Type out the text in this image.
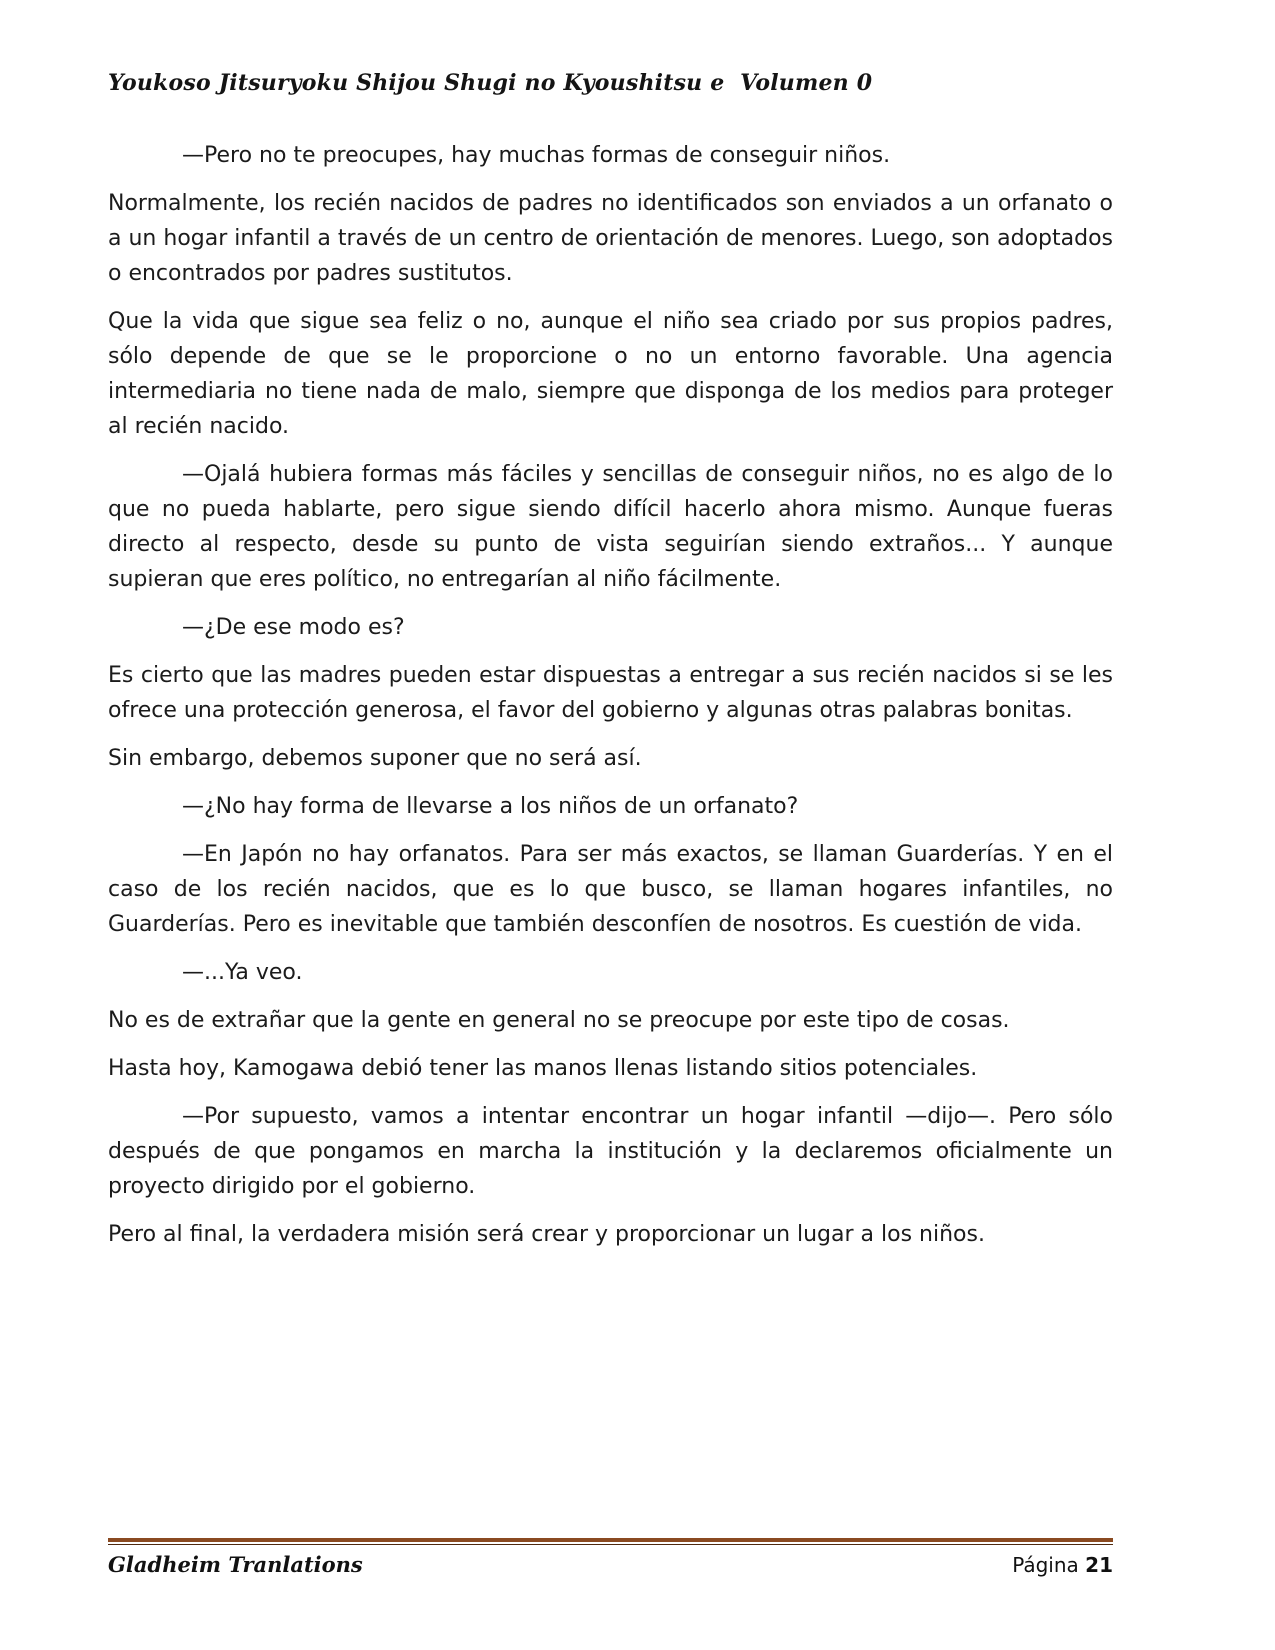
Youkoso Jitsuryoku Shijou Shugi no Kyoushitsu e  Volumen 0

—Pero no te preocupes, hay muchas formas de conseguir niños.

Normalmente, los recién nacidos de padres no identificados son enviados a un orfanato o a un hogar infantil a través de un centro de orientación de menores. Luego, son adoptados o encontrados por padres sustitutos.

Que la vida que sigue sea feliz o no, aunque el niño sea criado por sus propios padres, sólo depende de que se le proporcione o no un entorno favorable. Una agencia intermediaria no tiene nada de malo, siempre que disponga de los medios para proteger al recién nacido.

—Ojalá hubiera formas más fáciles y sencillas de conseguir niños, no es algo de lo que no pueda hablarte, pero sigue siendo difícil hacerlo ahora mismo. Aunque fueras directo al respecto, desde su punto de vista seguirían siendo extraños... Y aunque supieran que eres político, no entregarían al niño fácilmente.

—¿De ese modo es?

Es cierto que las madres pueden estar dispuestas a entregar a sus recién nacidos si se les ofrece una protección generosa, el favor del gobierno y algunas otras palabras bonitas.

Sin embargo, debemos suponer que no será así.

—¿No hay forma de llevarse a los niños de un orfanato?

—En Japón no hay orfanatos. Para ser más exactos, se llaman Guarderías. Y en el caso de los recién nacidos, que es lo que busco, se llaman hogares infantiles, no Guarderías. Pero es inevitable que también desconfíen de nosotros. Es cuestión de vida.

—...Ya veo.

No es de extrañar que la gente en general no se preocupe por este tipo de cosas.

Hasta hoy, Kamogawa debió tener las manos llenas listando sitios potenciales.

—Por supuesto, vamos a intentar encontrar un hogar infantil —dijo—. Pero sólo después de que pongamos en marcha la institución y la declaremos oficialmente un proyecto dirigido por el gobierno.

Pero al final, la verdadera misión será crear y proporcionar un lugar a los niños.

Gladheim Tranlations	Página 21
